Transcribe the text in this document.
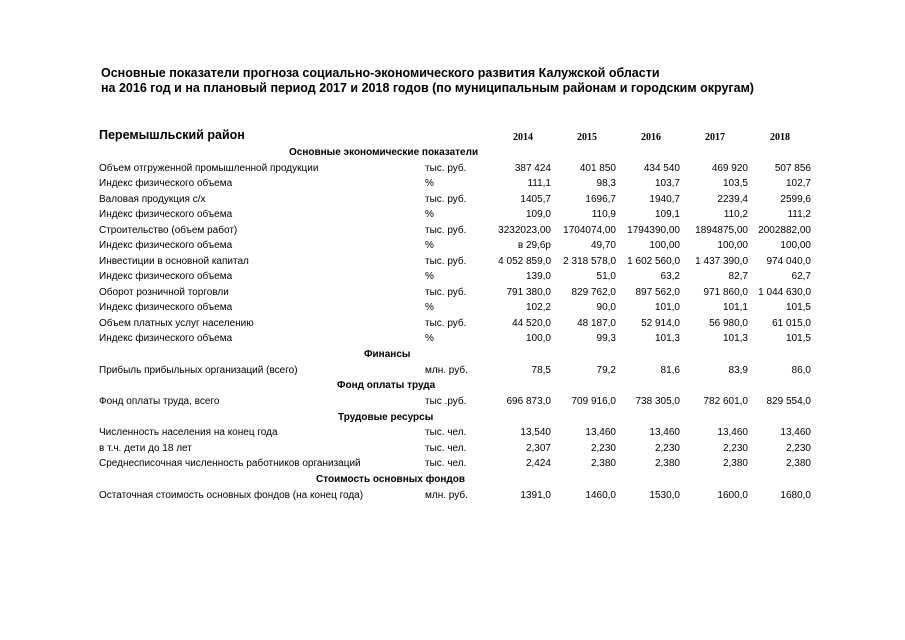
Основные показатели прогноза социально-экономического развития Калужской области
на 2016 год и на плановый период 2017 и 2018 годов (по муниципальным районам и городским округам)
Перемышльский район	2014	2015	2016	2017	2018
Основные экономические показатели
Объем отгруженной промышленной продукции	тыс. руб.	387 424	401 850	434 540	469 920	507 856
Индекс физического объема	%	111,1	98,3	103,7	103,5	102,7
Валовая продукция с/х	тыс. руб.	1405,7	1696,7	1940,7	2239,4	2599,6
Индекс физического объема	%	109,0	110,9	109,1	110,2	111,2
Строительство (объем работ)	тыс. руб.	3232023,00	1704074,00	1794390,00	1894875,00	2002882,00
Индекс физического объема	%	в 29,6р	49,70	100,00	100,00	100,00
Инвестиции в основной капитал	тыс. руб.	4 052 859,0	2 318 578,0	1 602 560,0	1 437 390,0	974 040,0
Индекс физического объема	%	139,0	51,0	63,2	82,7	62,7
Оборот розничной торговли	тыс. руб.	791 380,0	829 762,0	897 562,0	971 860,0	1 044 630,0
Индекс физического объема	%	102,2	90,0	101,0	101,1	101,5
Объем платных услуг населению	тыс. руб.	44 520,0	48 187,0	52 914,0	56 980,0	61 015,0
Индекс физического объема	%	100,0	99,3	101,3	101,3	101,5
Финансы
Прибыль прибыльных организаций (всего)	млн. руб.	78,5	79,2	81,6	83,9	86,0
Фонд оплаты труда
Фонд оплаты труда, всего	тыс .руб.	696 873,0	709 916,0	738 305,0	782 601,0	829 554,0
Трудовые ресурсы
Численность населения на конец года	тыс. чел.	13,540	13,460	13,460	13,460	13,460
в т.ч. дети до 18 лет	тыс. чел.	2,307	2,230	2,230	2,230	2,230
Среднесписочная численность работников организаций	тыс. чел.	2,424	2,380	2,380	2,380	2,380
Стоимость основных фондов
Остаточная стоимость основных фондов (на конец года)	млн. руб.	1391,0	1460,0	1530,0	1600,0	1680,0
